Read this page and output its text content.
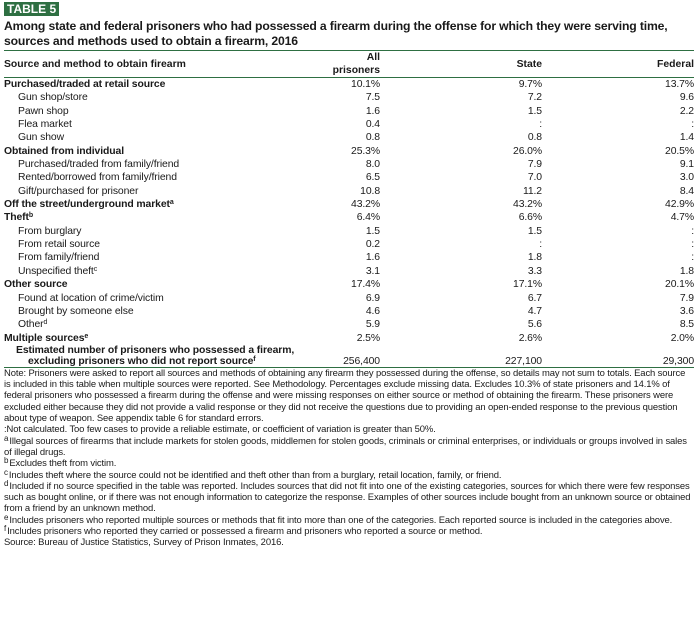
TABLE 5
Among state and federal prisoners who had possessed a firearm during the offense for which they were serving time, sources and methods used to obtain a firearm, 2016
Source and method to obtain firearm	All prisoners	State	Federal
Purchased/traded at retail source	10.1%	9.7%	13.7%
Gun shop/store	7.5	7.2	9.6
Pawn shop	1.6	1.5	2.2
Flea market	0.4	:	:
Gun show	0.8	0.8	1.4
Obtained from individual	25.3%	26.0%	20.5%
Purchased/traded from family/friend	8.0	7.9	9.1
Rented/borrowed from family/friend	6.5	7.0	3.0
Gift/purchased for prisoner	10.8	11.2	8.4
Off the street/underground market$^a$	43.2%	43.2%	42.9%
Theft$^b$	6.4%	6.6%	4.7%
From burglary	1.5	1.5	:
From retail source	0.2	:	:
From family/friend	1.6	1.8	:
Unspecified theft$^c$	3.1	3.3	1.8
Other source	17.4%	17.1%	20.1%
Found at location of crime/victim	6.9	6.7	7.9
Brought by someone else	4.6	4.7	3.6
Other$^d$	5.9	5.6	8.5
Multiple sources$^e$	2.5%	2.6%	2.0%
Estimated number of prisoners who possessed a firearm,
excluding prisoners who did not report source$^f$	256,400	227,100	29,300

Note: Prisoners were asked to report all sources and methods of obtaining any firearm they possessed during the offense, so details may not sum to totals. Each source is included in this table when multiple sources were reported. See Methodology. Percentages exclude missing data. Excludes 10.3% of state prisoners and 14.1% of federal prisoners who possessed a firearm during the offense and were missing responses on either source or method of obtaining the firearm. These prisoners were excluded either because they did not provide a valid response or they did not receive the questions due to providing an open-ended response to the previous question about type of weapon. See appendix table 6 for standard errors.

:Not calculated. Too few cases to provide a reliable estimate, or coefficient of variation is greater than 50%.

$^a$Illegal sources of firearms that include markets for stolen goods, middlemen for stolen goods, criminals or criminal enterprises, or individuals or groups involved in sales of illegal drugs.

$^b$Excludes theft from victim.

$^c$Includes theft where the source could not be identified and theft other than from a burglary, retail location, family, or friend.

$^d$Included if no source specified in the table was reported. Includes sources that did not fit into one of the existing categories, sources for which there were few responses such as bought online, or if there was not enough information to categorize the response. Examples of other sources include bought from an unknown source or obtained from a friend by an unknown method.

$^e$Includes prisoners who reported multiple sources or methods that fit into more than one of the categories. Each reported source is included in the categories above.

$^f$Includes prisoners who reported they carried or possessed a firearm and prisoners who reported a source or method.

Source: Bureau of Justice Statistics, Survey of Prison Inmates, 2016.
